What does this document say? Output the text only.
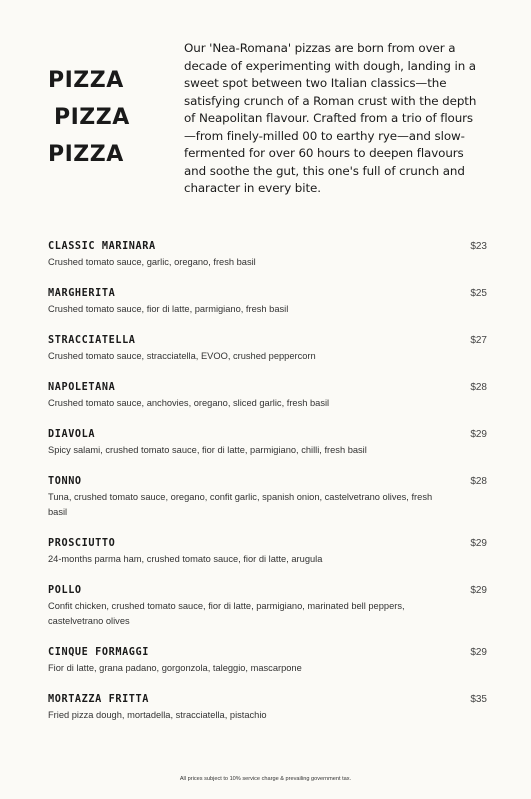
PIZZA
PIZZA
PIZZA
Our 'Nea-Romana' pizzas are born from over a decade of experimenting with dough, landing in a sweet spot between two Italian classics—the satisfying crunch of a Roman crust with the depth of Neapolitan flavour. Crafted from a trio of flours—from finely-milled 00 to earthy rye—and slow-fermented for over 60 hours to deepen flavours and soothe the gut, this one's full of crunch and character in every bite.
CLASSIC MARINARA
Crushed tomato sauce, garlic, oregano, fresh basil
$23
MARGHERITA
Crushed tomato sauce, fior di latte, parmigiano, fresh basil
$25
STRACCIATELLA
Crushed tomato sauce, stracciatella, EVOO, crushed peppercorn
$27
NAPOLETANA
Crushed tomato sauce, anchovies, oregano, sliced garlic, fresh basil
$28
DIAVOLA
Spicy salami, crushed tomato sauce, fior di latte, parmigiano, chilli, fresh basil
$29
TONNO
Tuna, crushed tomato sauce, oregano, confit garlic, spanish onion, castelvetrano olives, fresh basil
$28
PROSCIUTTO
24-months parma ham, crushed tomato sauce, fior di latte, arugula
$29
POLLO
Confit chicken, crushed tomato sauce, fior di latte, parmigiano, marinated bell peppers, castelvetrano olives
$29
CINQUE FORMAGGI
Fior di latte, grana padano, gorgonzola, taleggio, mascarpone
$29
MORTAZZA FRITTA
Fried pizza dough, mortadella, stracciatella, pistachio
$35
All prices subject to 10% service charge & prevailing government tax.
